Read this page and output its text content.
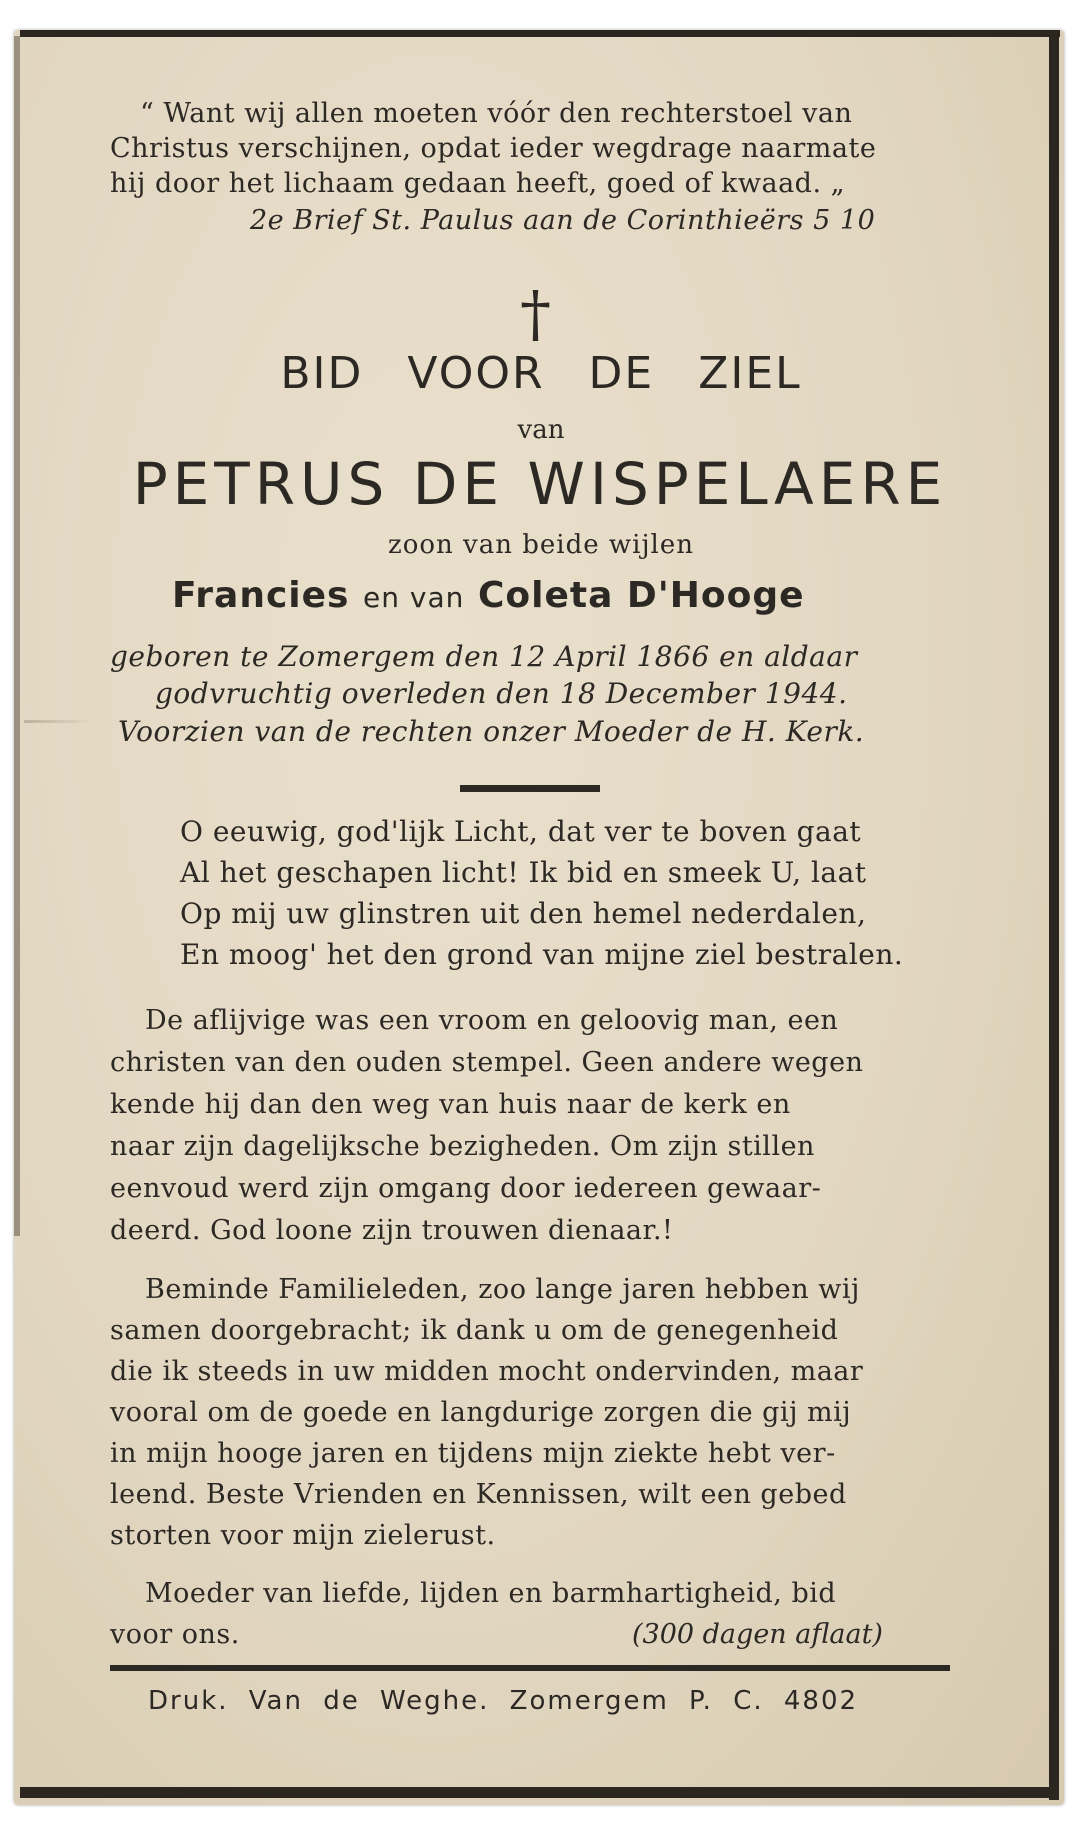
“ Want wij allen moeten vóór den rechterstoel van
Christus verschijnen, opdat ieder wegdrage naarmate
hij door het lichaam gedaan heeft, goed of kwaad. „
2e Brief St. Paulus aan de Corinthieërs 5 10
†
BID VOOR DE ZIEL
van
PETRUS DE WISPELAERE
zoon van beide wijlen
Francies en van Coleta D'Hooge
geboren te Zomergem den 12 April 1866 en aldaar
godvruchtig overleden den 18 December 1944.
Voorzien van de rechten onzer Moeder de H. Kerk.
O eeuwig, god'lijk Licht, dat ver te boven gaat
Al het geschapen licht! Ik bid en smeek U, laat
Op mij uw glinstren uit den hemel nederdalen,
En moog' het den grond van mijne ziel bestralen.
De aflijvige was een vroom en geloovig man, een
christen van den ouden stempel. Geen andere wegen
kende hij dan den weg van huis naar de kerk en
naar zijn dagelijksche bezigheden. Om zijn stillen
eenvoud werd zijn omgang door iedereen gewaar-
deerd. God loone zijn trouwen dienaar.!
Beminde Familieleden, zoo lange jaren hebben wij
samen doorgebracht; ik dank u om de genegenheid
die ik steeds in uw midden mocht ondervinden, maar
vooral om de goede en langdurige zorgen die gij mij
in mijn hooge jaren en tijdens mijn ziekte hebt ver-
leend. Beste Vrienden en Kennissen, wilt een gebed
storten voor mijn zielerust.
Moeder van liefde, lijden en barmhartigheid, bid
voor ons.	(300 dagen aflaat)
Druk. Van de Weghe. Zomergem P. C. 4802
